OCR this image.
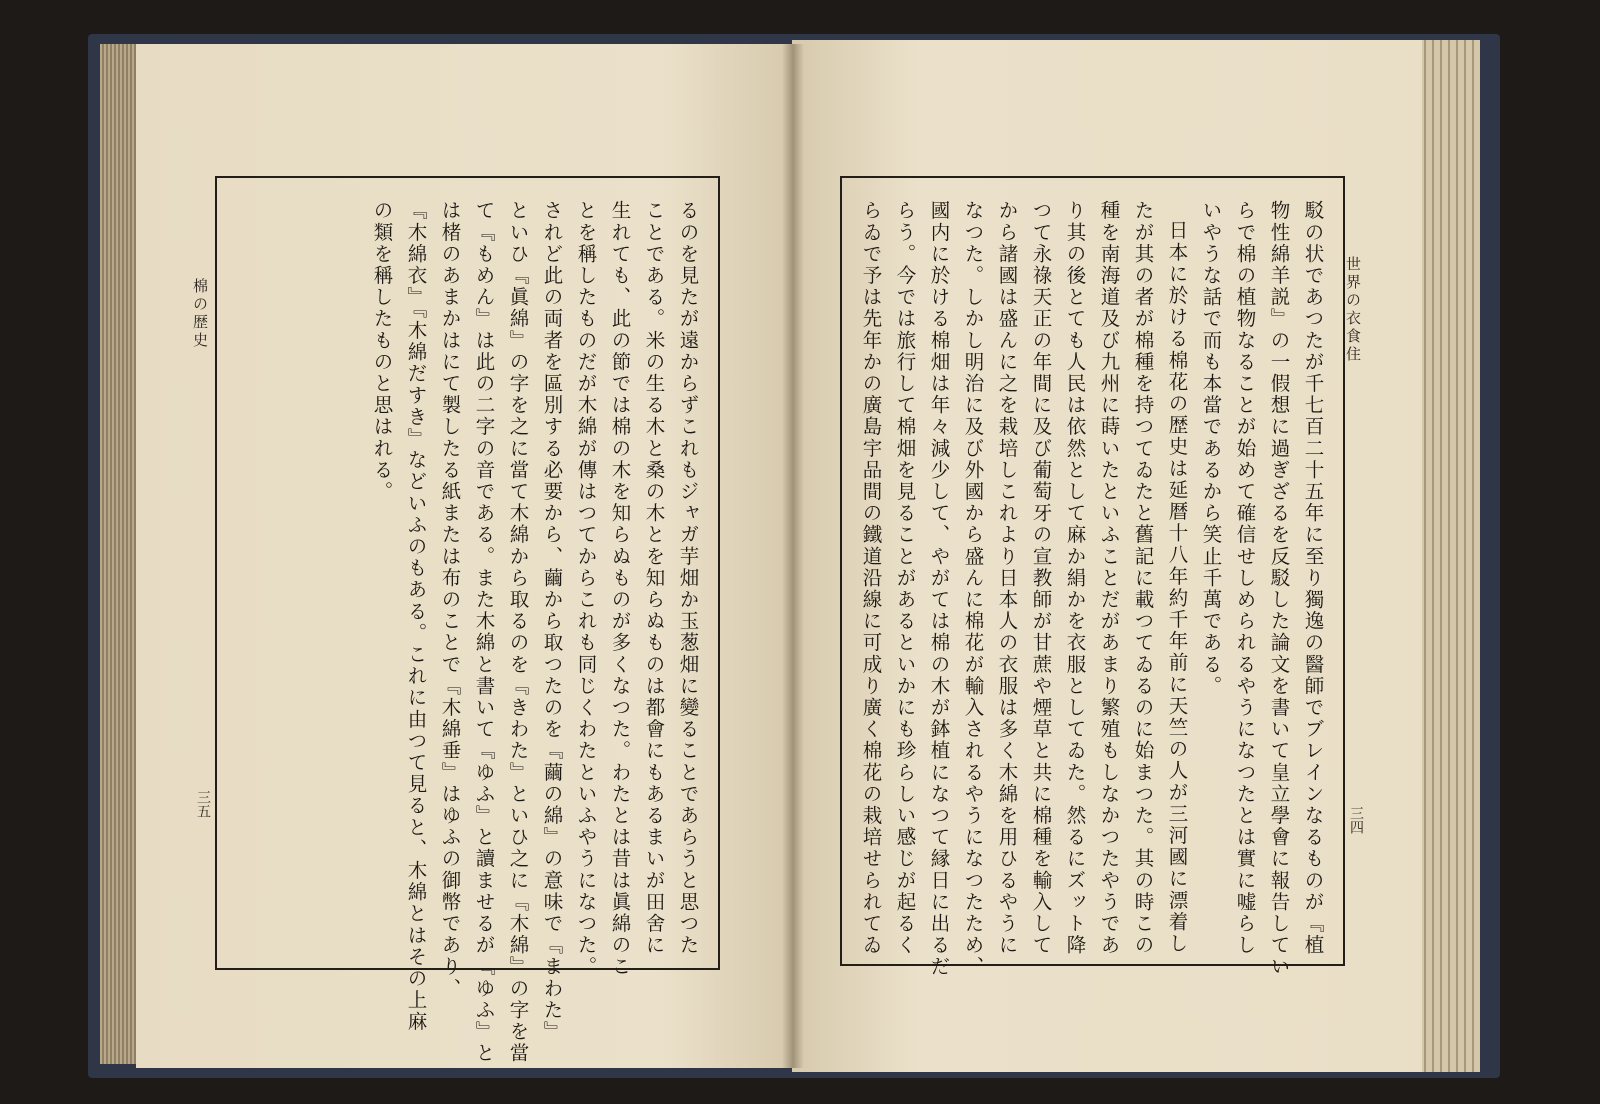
棉の歴史
三五
世界の衣食住
三四
るのを見たが遠からずこれもジャガ芋畑か玉葱畑に變ることであらうと思つた
ことである。米の生る木と桑の木とを知らぬものは都會にもあるまいが田舍に
生れても、此の節では棉の木を知らぬものが多くなつた。わたとは昔は眞綿のこ
とを稱したものだが木綿が傳はつてからこれも同じくわたといふやうになつた。
されど此の両者を區別する必要から、繭から取つたのを『繭の綿』の意味で『まわた』
といひ『眞綿』の字を之に當て木綿から取るのを『きわた』といひ之に『木綿』の字を當
て『もめん』は此の二字の音である。また木綿と書いて『ゆふ』と讀ませるが『ゆふ』と
は楮のあまかはにて製したる紙または布のことで『木綿垂』はゆふの御幣であり、
『木綿衣』『木綿だすき』などいふのもある。これに由つて見ると、木綿とはその上麻
の類を稱したものと思はれる。	駁の状であつたが千七百二十五年に至り獨逸の醫師でブレインなるものが『植
物性綿羊説』の一假想に過ぎざるを反駁した論文を書いて皇立學會に報告してい
らで棉の植物なることが始めて確信せしめられるやうになつたとは實に嘘らし
いやうな話で而も本當であるから笑止千萬である。
日本に於ける棉花の歴史は延暦十八年約千年前に天竺の人が三河國に漂着し
たが其の者が棉種を持つてゐたと舊記に載つてゐるのに始まつた。其の時この
種を南海道及び九州に蒔いたといふことだがあまり繁殖もしなかつたやうであ
り其の後とても人民は依然として麻か絹かを衣服としてゐた。然るにズット降
つて永祿天正の年間に及び葡萄牙の宣教師が甘蔗や煙草と共に棉種を輸入して
から諸國は盛んに之を栽培しこれより日本人の衣服は多く木綿を用ひるやうに
なつた。しかし明治に及び外國から盛んに棉花が輸入されるやうになつたため、
國内に於ける棉畑は年々減少して、やがては棉の木が鉢植になつて縁日に出るだ
らう。今では旅行して棉畑を見ることがあるといかにも珍らしい感じが起るく
らゐで予は先年かの廣島宇品間の鐵道沿線に可成り廣く棉花の栽培せられてゐ
